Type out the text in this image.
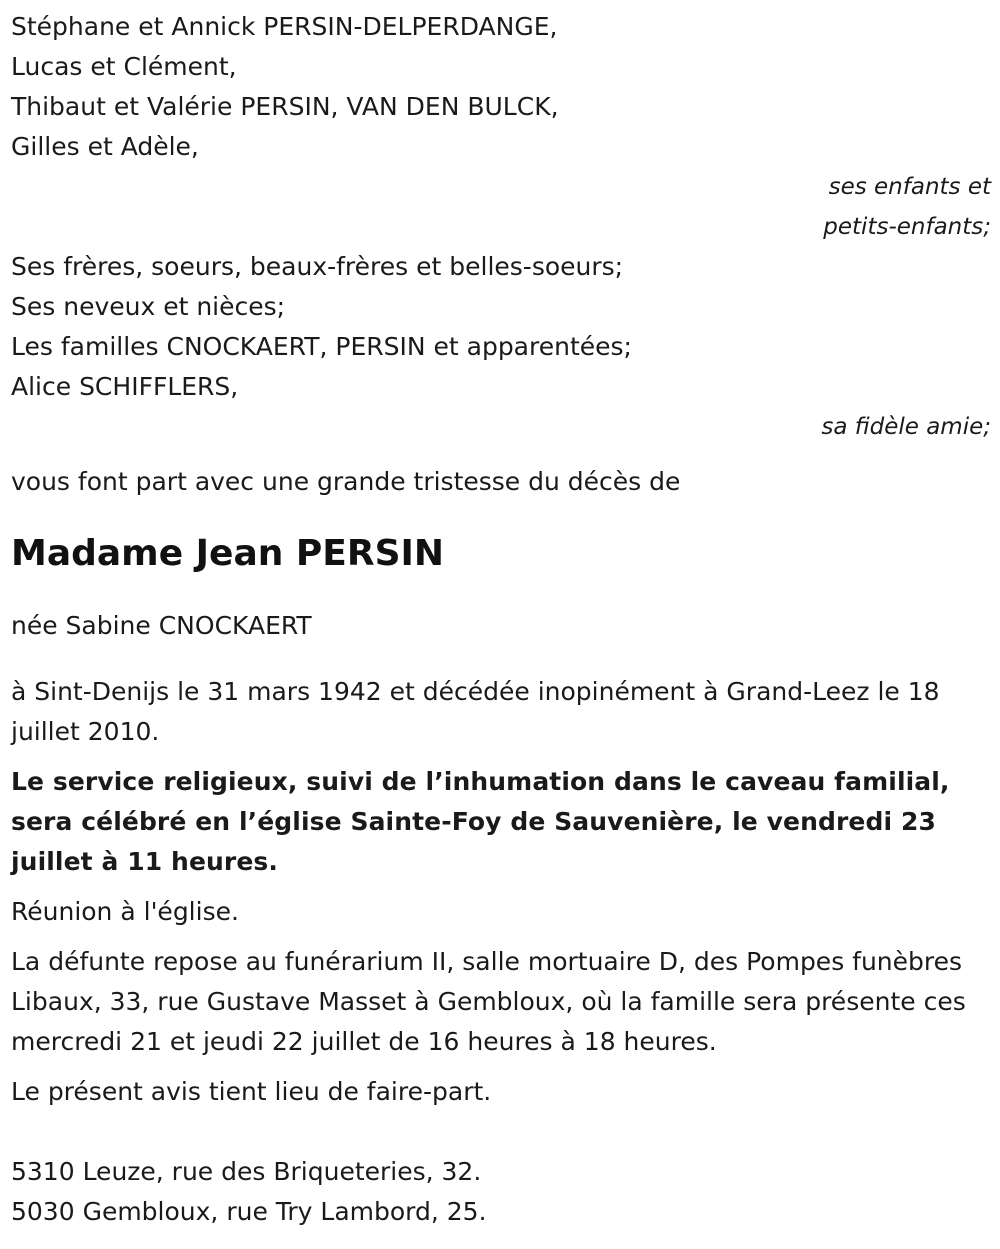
Stéphane et Annick PERSIN-DELPERDANGE,

Lucas et Clément,

Thibaut et Valérie PERSIN, VAN DEN BULCK,

Gilles et Adèle,

ses enfants et

petits-enfants;

Ses frères, soeurs, beaux-frères et belles-soeurs;

Ses neveux et nièces;

Les familles CNOCKAERT, PERSIN et apparentées;

Alice SCHIFFLERS,

sa fidèle amie;

vous font part avec une grande tristesse du décès de

Madame Jean PERSIN

née Sabine CNOCKAERT

à Sint-Denijs le 31 mars 1942 et décédée inopinément à Grand-Leez le 18 juillet 2010.

Le service religieux, suivi de l’inhumation dans le caveau familial, sera célébré en l’église Sainte-Foy de Sauvenière, le vendredi 23 juillet à 11 heures.

Réunion à l'église.

La défunte repose au funérarium II, salle mortuaire D, des Pompes funèbres Libaux, 33, rue Gustave Masset à Gembloux, où la famille sera présente ces mercredi 21 et jeudi 22 juillet de 16 heures à 18 heures.

Le présent avis tient lieu de faire-part.

5310 Leuze, rue des Briqueteries, 32.

5030 Gembloux, rue Try Lambord, 25.
